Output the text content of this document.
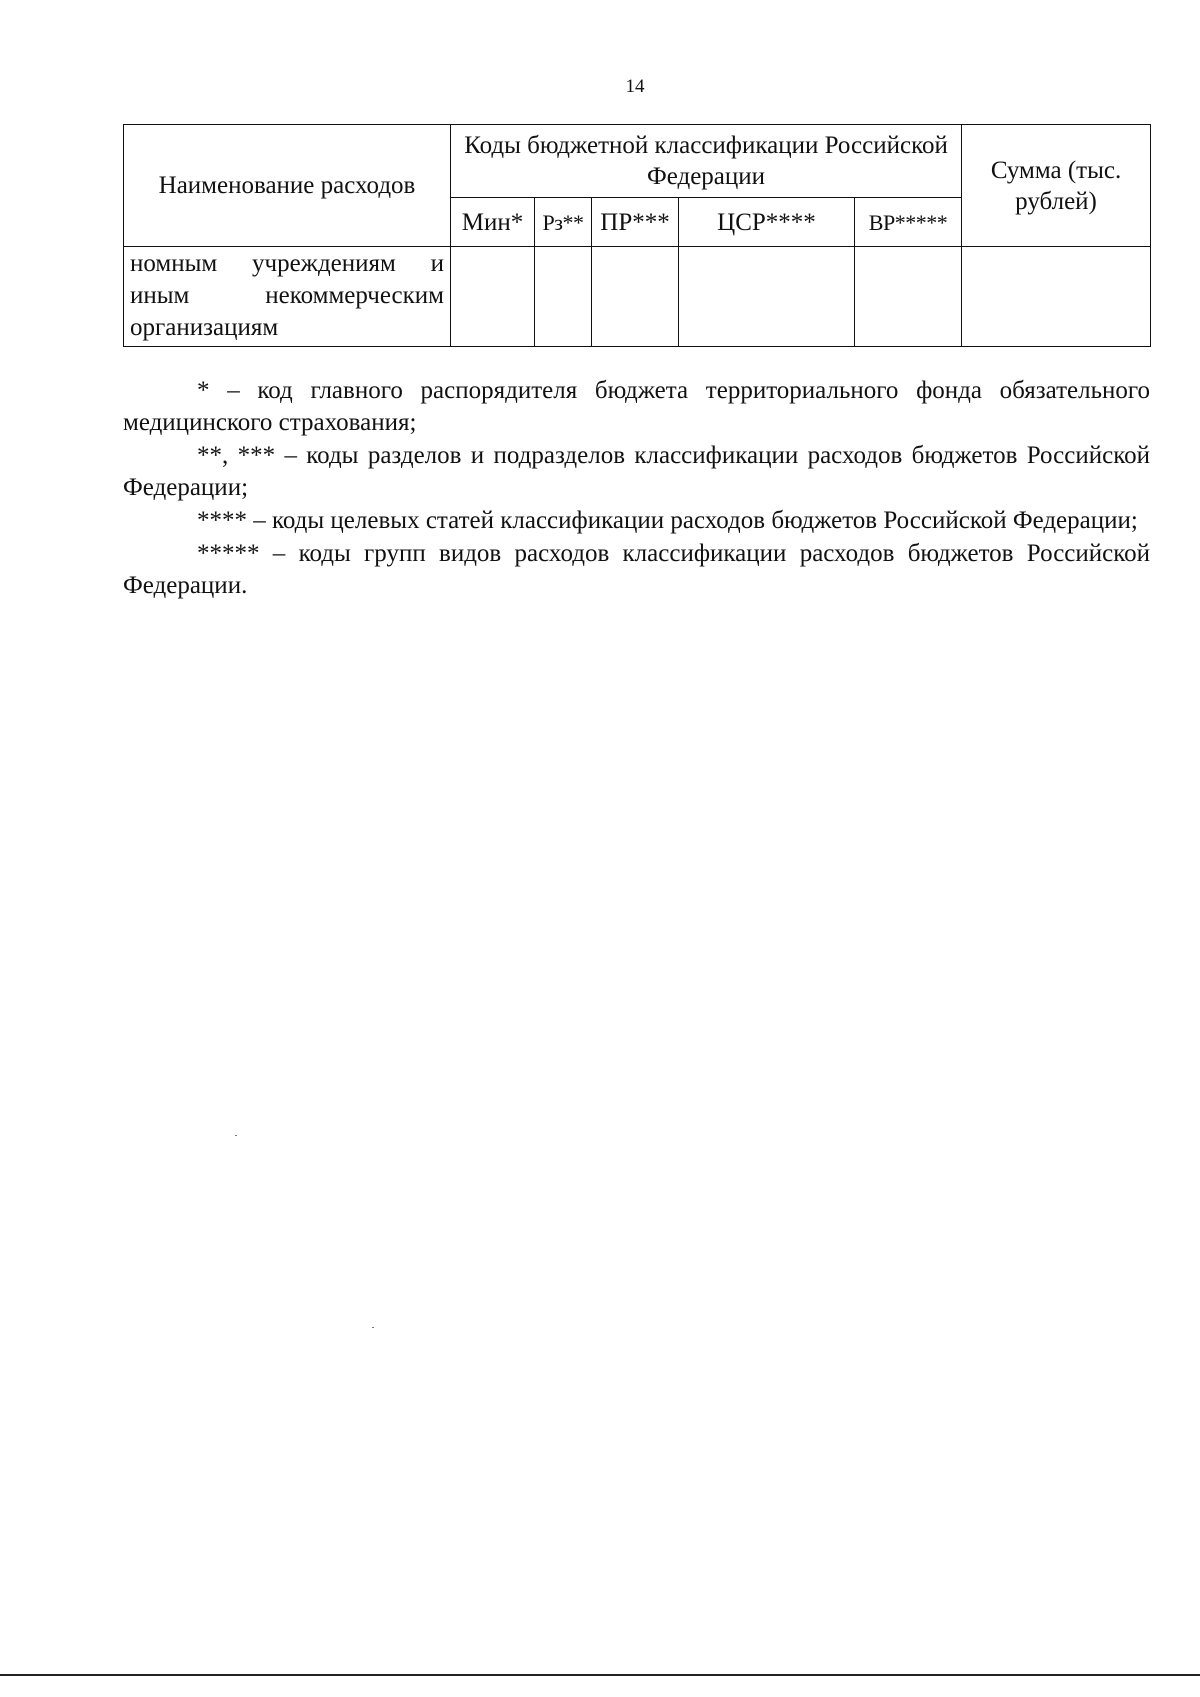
14
Наименование расходов	Коды бюджетной классификации Российской Федерации					Сумма (тыс. рублей)
	Мин*	Рз**	ПР***	ЦСР****	ВР*****	
номным учреждениям и иным некоммерческим организациям						

* – код главного распорядителя бюджета территориального фонда обязательного медицинского страхования;

**, *** – коды разделов и подразделов классификации расходов бюджетов Российской Федерации;

**** – коды целевых статей классификации расходов бюджетов Российской Федерации;

***** – коды групп видов расходов классификации расходов бюджетов Российской Федерации.
